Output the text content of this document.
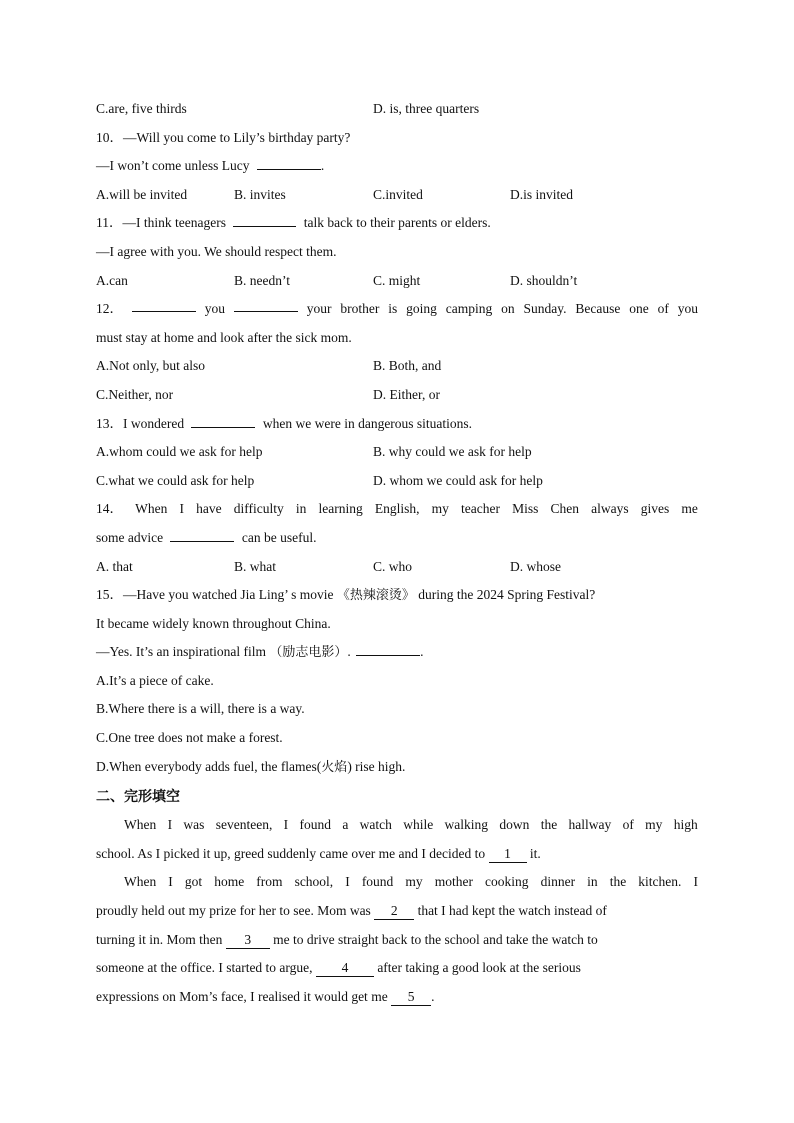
C.are, five thirds	D. is, three quarters
10．—Will you come to Lily’s birthday party?
—I won’t come unless Lucy	.
A.will be invited	B. invites	C.invited	D.is invited
11．—I think teenagers	talk back to their parents or elders.
—I agree with you. We should respect them.
A.can	B. needn’t	C. might	D. shouldn’t
12．	you	your brother is going camping on Sunday. Because one of you
must stay at home and look after the sick mom.
A.Not only, but also	B. Both, and
C.Neither, nor	D. Either, or
13．I wondered	when we were in dangerous situations.
A.whom could we ask for help	B. why could we ask for help
C.what we could ask for help	D. whom we could ask for help
14． When I have difficulty in learning English, my teacher Miss Chen always gives me
some advice	can be useful.
A. that	B. what	C. who	D. whose
15．—Have you watched Jia Ling’ s movie 《热辣滚烫》 during the 2024 Spring Festival?
It became widely known throughout China.
—Yes. It’s an inspirational film （励志电影）.	.
A.It’s a piece of cake.
B.Where there is a will, there is a way.
C.One tree does not make a forest.
D.When everybody adds fuel, the flames(火焰) rise high.
二、完形填空
When I was seventeen, I found a watch while walking down the hallway of my high
school. As I picked it up, greed suddenly came over me and I decided to 1 it.
When I got home from school, I found my mother cooking dinner in the kitchen. I
proudly held out my prize for her to see. Mom was 2 that I had kept the watch instead of
turning it in. Mom then 3 me to drive straight back to the school and take the watch to
someone at the office. I started to argue, 4 after taking a good look at the serious
expressions on Mom’s face, I realised it would get me 5 .
